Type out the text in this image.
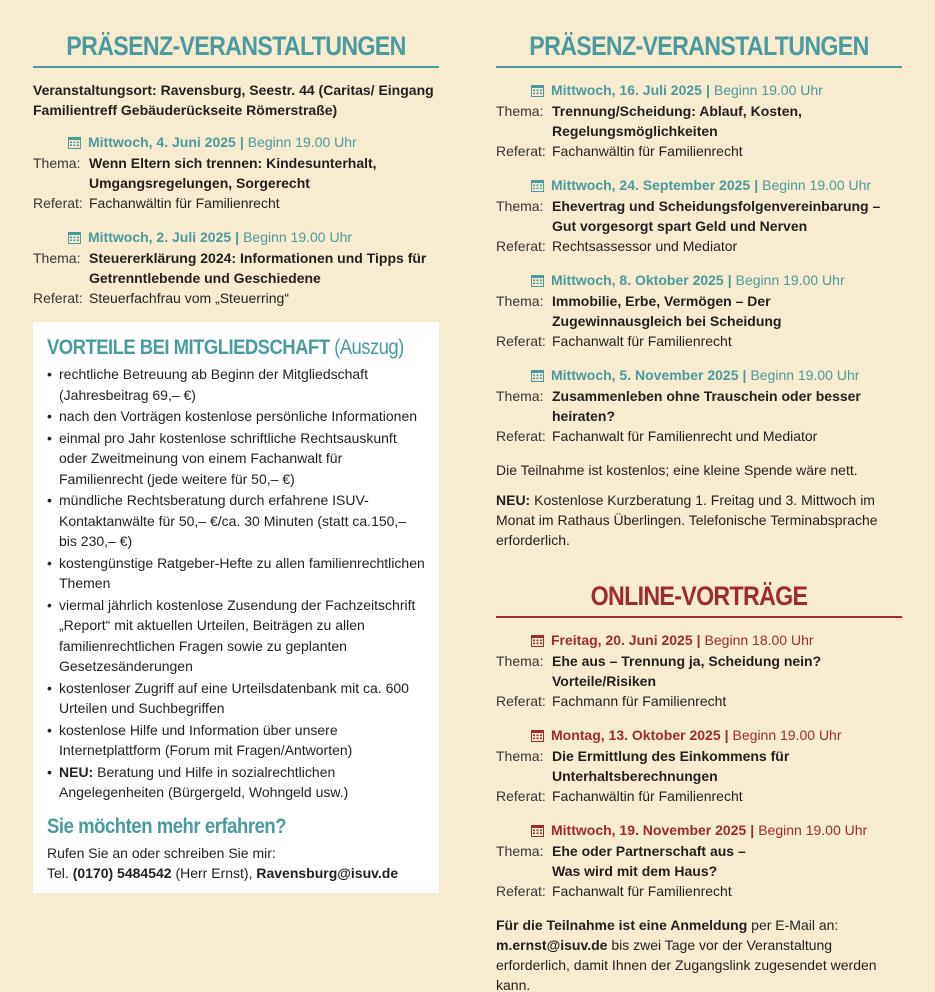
PRÄSENZ-VERANSTALTUNGEN
Veranstaltungsort: Ravensburg, Seestr. 44 (Caritas/ Eingang Familientreff Gebäuderückseite Römerstraße)
Mittwoch, 4. Juni 2025 | Beginn 19.00 Uhr
Thema: Wenn Eltern sich trennen: Kindesunterhalt, Umgangsregelungen, Sorgerecht
Referat: Fachanwältin für Familienrecht
Mittwoch, 2. Juli 2025 | Beginn 19.00 Uhr
Thema: Steuererklärung 2024: Informationen und Tipps für Getrenntlebende und Geschiedene
Referat: Steuerfachfrau vom „Steuerring“
VORTEILE BEI MITGLIEDSCHAFT (Auszug)
• rechtliche Betreuung ab Beginn der Mitgliedschaft (Jahresbeitrag 69,– €)
• nach den Vorträgen kostenlose persönliche Informationen
• einmal pro Jahr kostenlose schriftliche Rechtsauskunft oder Zweitmeinung von einem Fachanwalt für Familienrecht (jede weitere für 50,– €)
• mündliche Rechtsberatung durch erfahrene ISUV-Kontaktanwälte für 50,– €/ca. 30 Minuten (statt ca.150,– bis 230,– €)
• kostengünstige Ratgeber-Hefte zu allen familienrechtlichen Themen
• viermal jährlich kostenlose Zusendung der Fachzeitschrift „Report“ mit aktuellen Urteilen, Beiträgen zu allen familienrechtlichen Fragen sowie zu geplanten Gesetzesänderungen
• kostenloser Zugriff auf eine Urteilsdatenbank mit ca. 600 Urteilen und Suchbegriffen
• kostenlose Hilfe und Information über unsere Internetplattform (Forum mit Fragen/Antworten)
• NEU: Beratung und Hilfe in sozialrechtlichen Angelegenheiten (Bürgergeld, Wohngeld usw.)
Sie möchten mehr erfahren?
Rufen Sie an oder schreiben Sie mir:
Tel. (0170) 5484542 (Herr Ernst), Ravensburg@isuv.de
PRÄSENZ-VERANSTALTUNGEN
Mittwoch, 16. Juli 2025 | Beginn 19.00 Uhr
Thema: Trennung/Scheidung: Ablauf, Kosten, Regelungsmöglichkeiten
Referat: Fachanwältin für Familienrecht
Mittwoch, 24. September 2025 | Beginn 19.00 Uhr
Thema: Ehevertrag und Scheidungsfolgenvereinbarung – Gut vorgesorgt spart Geld und Nerven
Referat: Rechtsassessor und Mediator
Mittwoch, 8. Oktober 2025 | Beginn 19.00 Uhr
Thema: Immobilie, Erbe, Vermögen – Der Zugewinnausgleich bei Scheidung
Referat: Fachanwalt für Familienrecht
Mittwoch, 5. November 2025 | Beginn 19.00 Uhr
Thema: Zusammenleben ohne Trauschein oder besser heiraten?
Referat: Fachanwalt für Familienrecht und Mediator
Die Teilnahme ist kostenlos; eine kleine Spende wäre nett.
NEU: Kostenlose Kurzberatung 1. Freitag und 3. Mittwoch im Monat im Rathaus Überlingen. Telefonische Terminabsprache erforderlich.
ONLINE-VORTRÄGE
Freitag, 20. Juni 2025 | Beginn 18.00 Uhr
Thema: Ehe aus – Trennung ja, Scheidung nein? Vorteile/Risiken
Referat: Fachmann für Familienrecht
Montag, 13. Oktober 2025 | Beginn 19.00 Uhr
Thema: Die Ermittlung des Einkommens für Unterhaltsberechnungen
Referat: Fachanwältin für Familienrecht
Mittwoch, 19. November 2025 | Beginn 19.00 Uhr
Thema: Ehe oder Partnerschaft aus – Was wird mit dem Haus?
Referat: Fachanwalt für Familienrecht
Für die Teilnahme ist eine Anmeldung per E-Mail an: m.ernst@isuv.de bis zwei Tage vor der Veranstaltung erforderlich, damit Ihnen der Zugangslink zugesendet werden kann.
